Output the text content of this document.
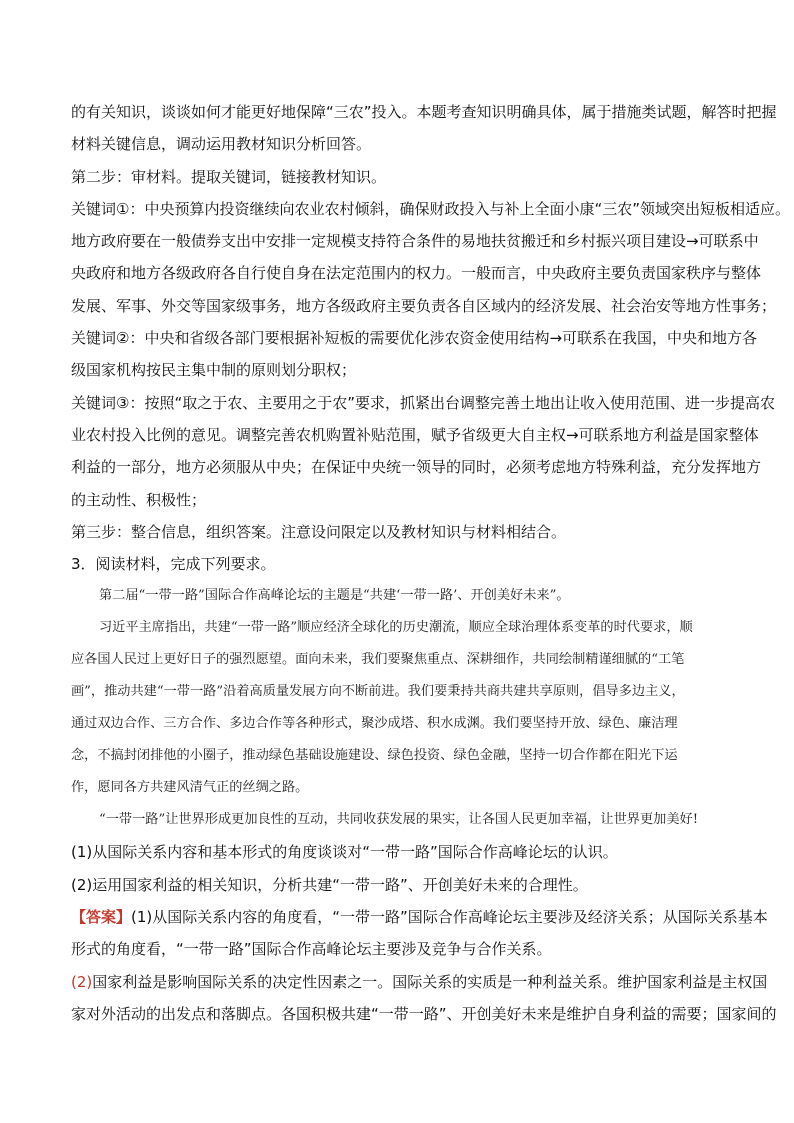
的有关知识，谈谈如何才能更好地保障“三农”投入。本题考查知识明确具体，属于措施类试题，解答时把握
材料关键信息，调动运用教材知识分析回答。
第二步：审材料。提取关键词，链接教材知识。
关键词①：中央预算内投资继续向农业农村倾斜，确保财政投入与补上全面小康“三农”领域突出短板相适应。
地方政府要在一般债券支出中安排一定规模支持符合条件的易地扶贫搬迁和乡村振兴项目建设→可联系中
央政府和地方各级政府各自行使自身在法定范围内的权力。一般而言，中央政府主要负责国家秩序与整体
发展、军事、外交等国家级事务，地方各级政府主要负责各自区域内的经济发展、社会治安等地方性事务；
关键词②：中央和省级各部门要根据补短板的需要优化涉农资金使用结构→可联系在我国，中央和地方各
级国家机构按民主集中制的原则划分职权；
关键词③：按照“取之于农、主要用之于农”要求，抓紧出台调整完善土地出让收入使用范围、进一步提高农
业农村投入比例的意见。调整完善农机购置补贴范围，赋予省级更大自主权→可联系地方利益是国家整体
利益的一部分，地方必须服从中央；在保证中央统一领导的同时，必须考虑地方特殊利益，充分发挥地方
的主动性、积极性；
第三步：整合信息，组织答案。注意设问限定以及教材知识与材料相结合。
3．阅读材料，完成下列要求。
第二届“一带一路”国际合作高峰论坛的主题是“共建‘一带一路’、开创美好未来”。
习近平主席指出，共建“一带一路”顺应经济全球化的历史潮流，顺应全球治理体系变革的时代要求，顺
应各国人民过上更好日子的强烈愿望。面向未来，我们要聚焦重点、深耕细作，共同绘制精谨细腻的“工笔
画”，推动共建“一带一路”沿着高质量发展方向不断前进。我们要秉持共商共建共享原则，倡导多边主义，
通过双边合作、三方合作、多边合作等各种形式，聚沙成塔、积水成渊。我们要坚持开放、绿色、廉洁理
念，不搞封闭排他的小圈子，推动绿色基础设施建设、绿色投资、绿色金融，坚持一切合作都在阳光下运
作，愿同各方共建风清气正的丝绸之路。
“一带一路”让世界形成更加良性的互动，共同收获发展的果实，让各国人民更加幸福，让世界更加美好!
(1)从国际关系内容和基本形式的角度谈谈对“一带一路”国际合作高峰论坛的认识。
(2)运用国家利益的相关知识，分析共建“一带一路”、开创美好未来的合理性。
【答案】(1)从国际关系内容的角度看，“一带一路”国际合作高峰论坛主要涉及经济关系；从国际关系基本
形式的角度看，“一带一路”国际合作高峰论坛主要涉及竞争与合作关系。
(2)国家利益是影响国际关系的决定性因素之一。国际关系的实质是一种利益关系。维护国家利益是主权国
家对外活动的出发点和落脚点。各国积极共建“一带一路”、开创美好未来是维护自身利益的需要；国家间的
